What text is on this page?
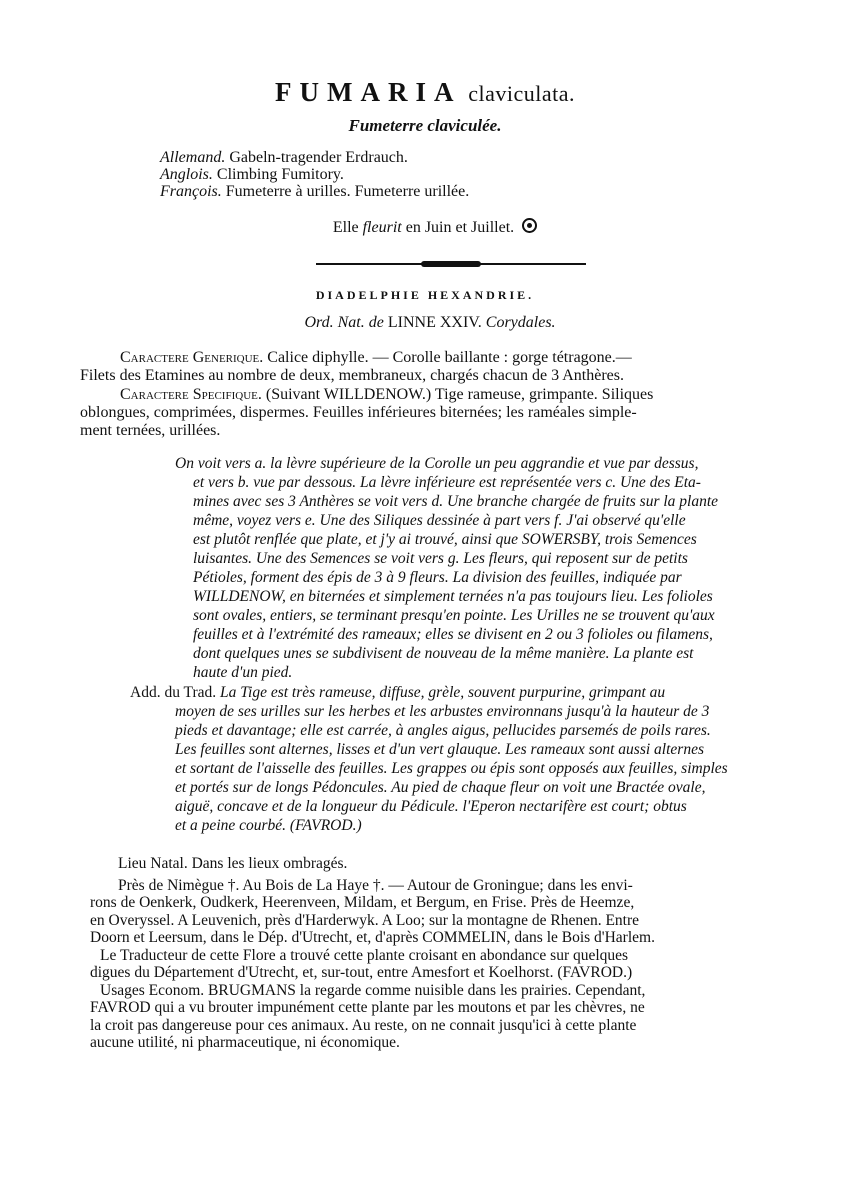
FUMARIA claviculata.
Fumeterre claviculée.
Allemand. Gabeln-tragender Erdrauch.
Anglois. Climbing Fumitory.
François. Fumeterre à urilles. Fumeterre urillée.
Elle fleurit en Juin et Juillet.
DIADELPHIE HEXANDRIE.
Ord. Nat. de LINNE XXIV. Corydales.
Caractere Generique. Calice diphylle. — Corolle baillante : gorge tétragone.—
Filets des Etamines au nombre de deux, membraneux, chargés chacun de 3 Anthères.
Caractere Specifique. (Suivant WILLDENOW.) Tige rameuse, grimpante. Siliques
oblongues, comprimées, dispermes. Feuilles inférieures biternées; les raméales simple-
ment ternées, urillées.
On voit vers a. la lèvre supérieure de la Corolle un peu aggrandie et vue par dessus,
et vers b. vue par dessous. La lèvre inférieure est représentée vers c. Une des Eta-
mines avec ses 3 Anthères se voit vers d. Une branche chargée de fruits sur la plante
même, voyez vers e. Une des Siliques dessinée à part vers f. J'ai observé qu'elle
est plutôt renflée que plate, et j'y ai trouvé, ainsi que SOWERSBY, trois Semences
luisantes. Une des Semences se voit vers g. Les fleurs, qui reposent sur de petits
Pétioles, forment des épis de 3 à 9 fleurs. La division des feuilles, indiquée par
WILLDENOW, en biternées et simplement ternées n'a pas toujours lieu. Les folioles
sont ovales, entiers, se terminant presqu'en pointe. Les Urilles ne se trouvent qu'aux
feuilles et à l'extrémité des rameaux; elles se divisent en 2 ou 3 folioles ou filamens,
dont quelques unes se subdivisent de nouveau de la même manière. La plante est
haute d'un pied.
Add. du Trad. La Tige est très rameuse, diffuse, grèle, souvent purpurine, grimpant au
moyen de ses urilles sur les herbes et les arbustes environnans jusqu'à la hauteur de 3
pieds et davantage; elle est carrée, à angles aigus, pellucides parsemés de poils rares.
Les feuilles sont alternes, lisses et d'un vert glauque. Les rameaux sont aussi alternes
et sortant de l'aisselle des feuilles. Les grappes ou épis sont opposés aux feuilles, simples
et portés sur de longs Pédoncules. Au pied de chaque fleur on voit une Bractée ovale,
aiguë, concave et de la longueur du Pédicule. l'Eperon nectarifère est court; obtus
et a peine courbé. (FAVROD.)
Lieu Natal. Dans les lieux ombragés.
Près de Nimègue †. Au Bois de La Haye †. — Autour de Groningue; dans les envi-
rons de Oenkerk, Oudkerk, Heerenveen, Mildam, et Bergum, en Frise. Près de Heemze,
en Overyssel. A Leuvenich, près d'Harderwyk. A Loo; sur la montagne de Rhenen. Entre
Doorn et Leersum, dans le Dép. d'Utrecht, et, d'après COMMELIN, dans le Bois d'Harlem.
Le Traducteur de cette Flore a trouvé cette plante croisant en abondance sur quelques
digues du Département d'Utrecht, et, sur-tout, entre Amesfort et Koelhorst. (FAVROD.)
Usages Econom. BRUGMANS la regarde comme nuisible dans les prairies. Cependant,
FAVROD qui a vu brouter impunément cette plante par les moutons et par les chèvres, ne
la croit pas dangereuse pour ces animaux. Au reste, on ne connait jusqu'ici à cette plante
aucune utilité, ni pharmaceutique, ni économique.
